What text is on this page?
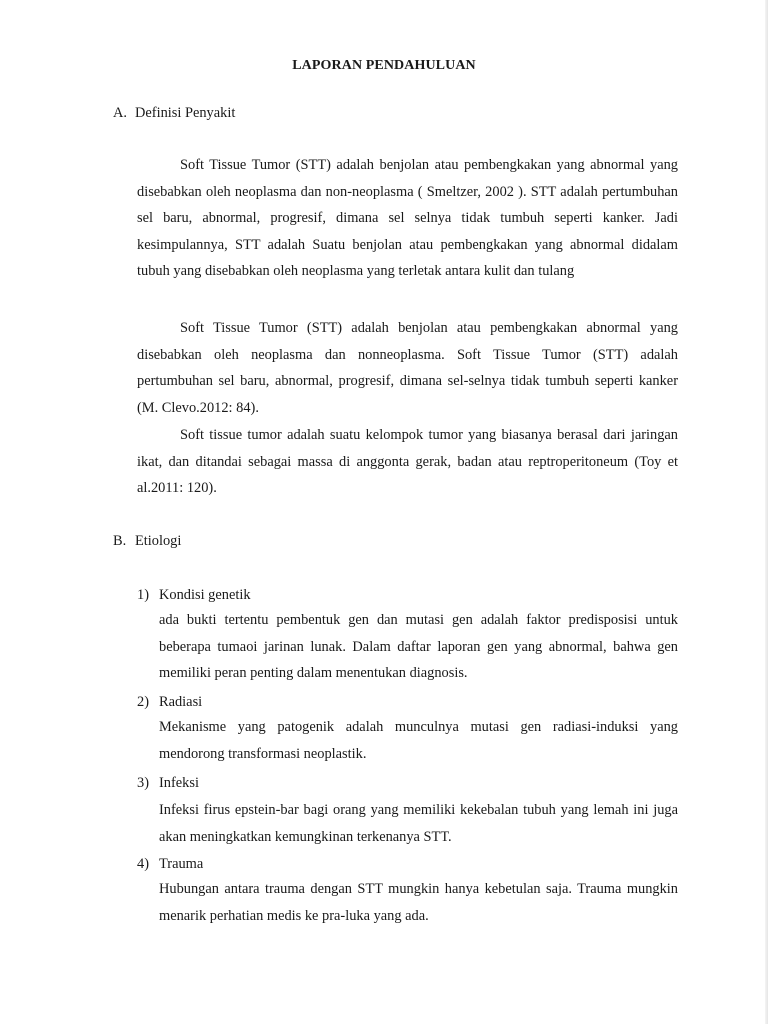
LAPORAN PENDAHULUAN
A. Definisi Penyakit

Soft Tissue Tumor (STT) adalah benjolan atau pembengkakan yang abnormal yang disebabkan oleh neoplasma dan non-neoplasma ( Smeltzer, 2002 ). STT adalah pertumbuhan sel baru, abnormal, progresif, dimana sel selnya tidak tumbuh seperti kanker. Jadi kesimpulannya, STT adalah Suatu benjolan atau pembengkakan yang abnormal didalam tubuh yang disebabkan oleh neoplasma yang terletak antara kulit dan tulang

Soft Tissue Tumor (STT) adalah benjolan atau pembengkakan abnormal yang disebabkan oleh neoplasma dan nonneoplasma. Soft Tissue Tumor (STT) adalah pertumbuhan sel baru, abnormal, progresif, dimana sel-selnya tidak tumbuh seperti kanker (M. Clevo.2012: 84).

Soft tissue tumor adalah suatu kelompok tumor yang biasanya berasal dari jaringan ikat, dan ditandai sebagai massa di anggonta gerak, badan atau reptroperitoneum (Toy et al.2011: 120).

B. Etiologi
1) Kondisi genetik

ada bukti tertentu pembentuk gen dan mutasi gen adalah faktor predisposisi untuk beberapa tumaoi jarinan lunak. Dalam daftar laporan gen yang abnormal, bahwa gen memiliki peran penting dalam menentukan diagnosis.

2) Radiasi

Mekanisme yang patogenik adalah munculnya mutasi gen radiasi-induksi yang mendorong transformasi neoplastik.

3) Infeksi

Infeksi firus epstein-bar bagi orang yang memiliki kekebalan tubuh yang lemah ini juga akan meningkatkan kemungkinan terkenanya STT.

4) Trauma

Hubungan antara trauma dengan STT mungkin hanya kebetulan saja. Trauma mungkin menarik perhatian medis ke pra-luka yang ada.
